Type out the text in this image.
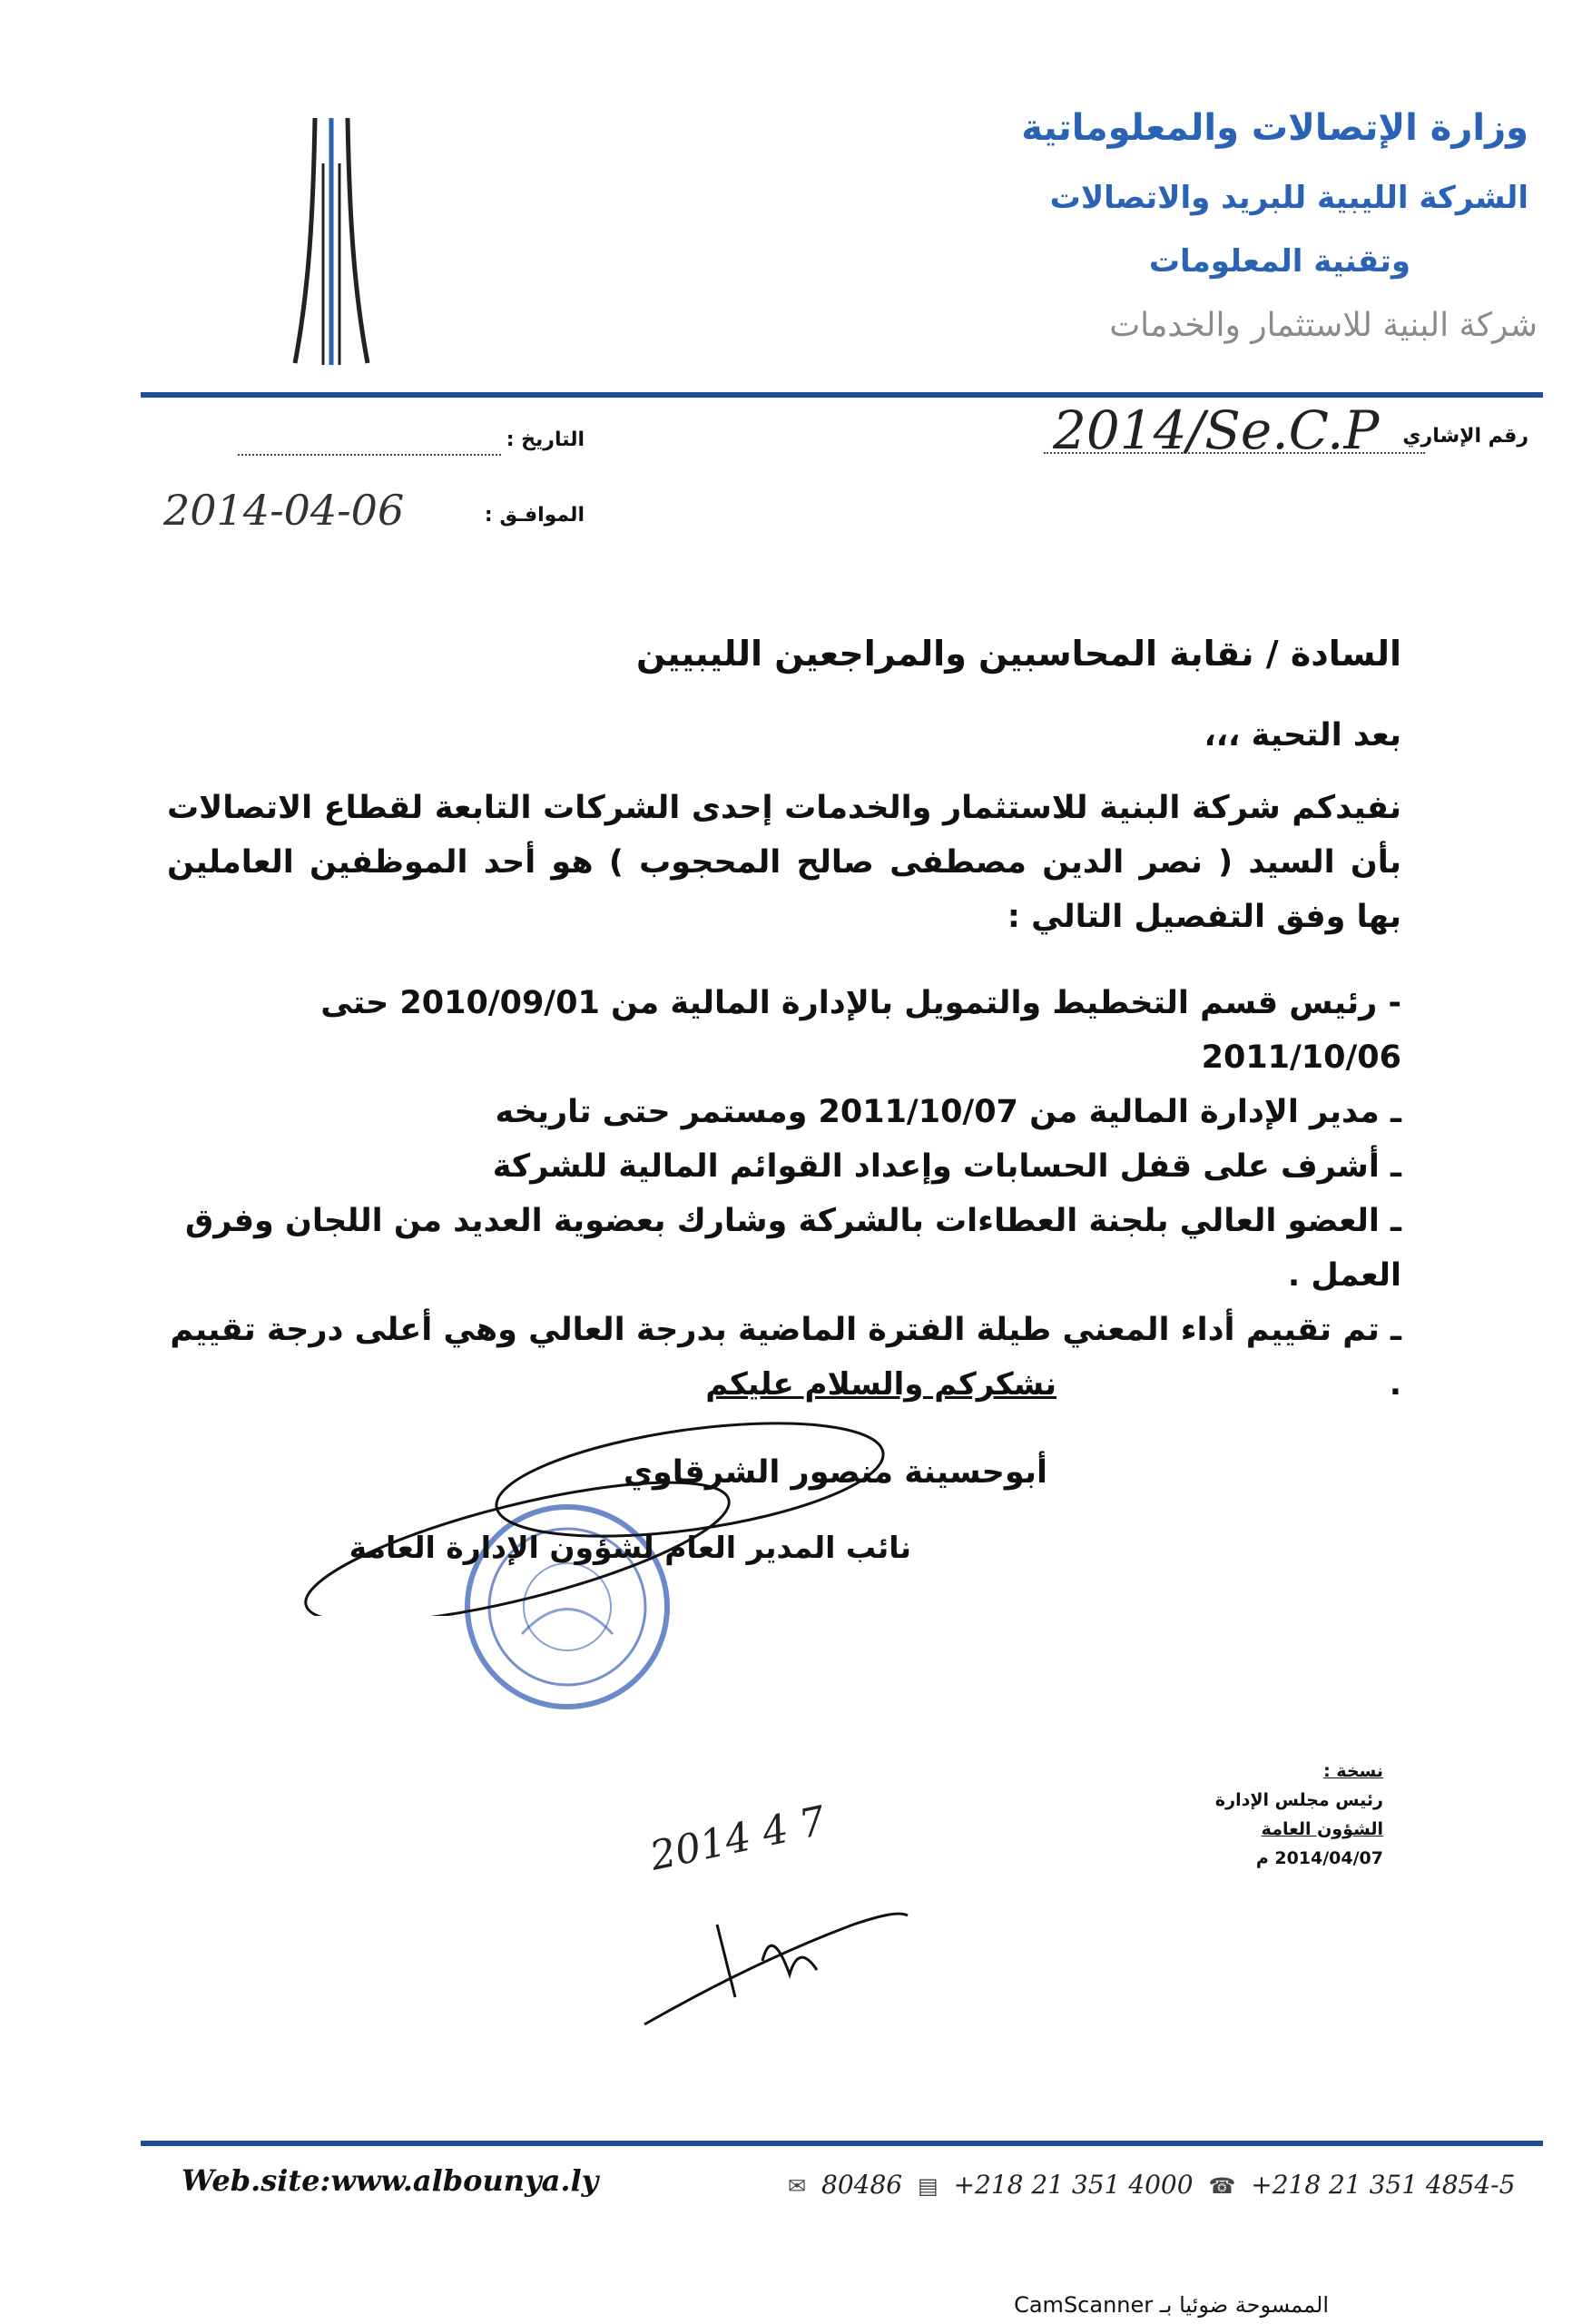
وزارة الإتصالات والمعلوماتية
الشركة الليبية للبريد والاتصالات
وتقنية المعلومات
شركة البنية للاستثمار والخدمات
رقم الإشاري
2014/Se.C.P
التاريخ :
الموافـق :
2014-04-06
السادة / نقابة المحاسبين والمراجعين الليبيين
بعد التحية ،،،
نفيدكم شركة البنية للاستثمار والخدمات إحدى الشركات التابعة لقطاع الاتصالات بأن السيد ( نصر الدين مصطفى صالح المحجوب ) هو أحد الموظفين العاملين بها وفق التفصيل التالي :
- رئيس قسم التخطيط والتمويل بالإدارة المالية من 2010/09/01 حتى 2011/10/06
ـ مدير الإدارة المالية من 2011/10/07 ومستمر حتى تاريخه
ـ أشرف على قفل الحسابات وإعداد القوائم المالية للشركة
ـ العضو العالي بلجنة العطاءات بالشركة وشارك بعضوية العديد من اللجان وفرق العمل .
ـ تم تقييم أداء المعني طيلة الفترة الماضية بدرجة العالي وهي أعلى درجة تقييم .
نشكركم والسلام عليكم
أبوحسينة منصور الشرقاوي
نائب المدير العام لشؤون الإدارة العامة
2014 4 7
نسخة :
رئيس مجلس الإدارة
الشؤون العامة
2014/04/07 م
Web.site:www.albounya.ly	✉ 80486 ▤ +218 21 351 4000 ☎ +218 21 351 4854-5
الممسوحة ضوئيا بـ CamScanner
